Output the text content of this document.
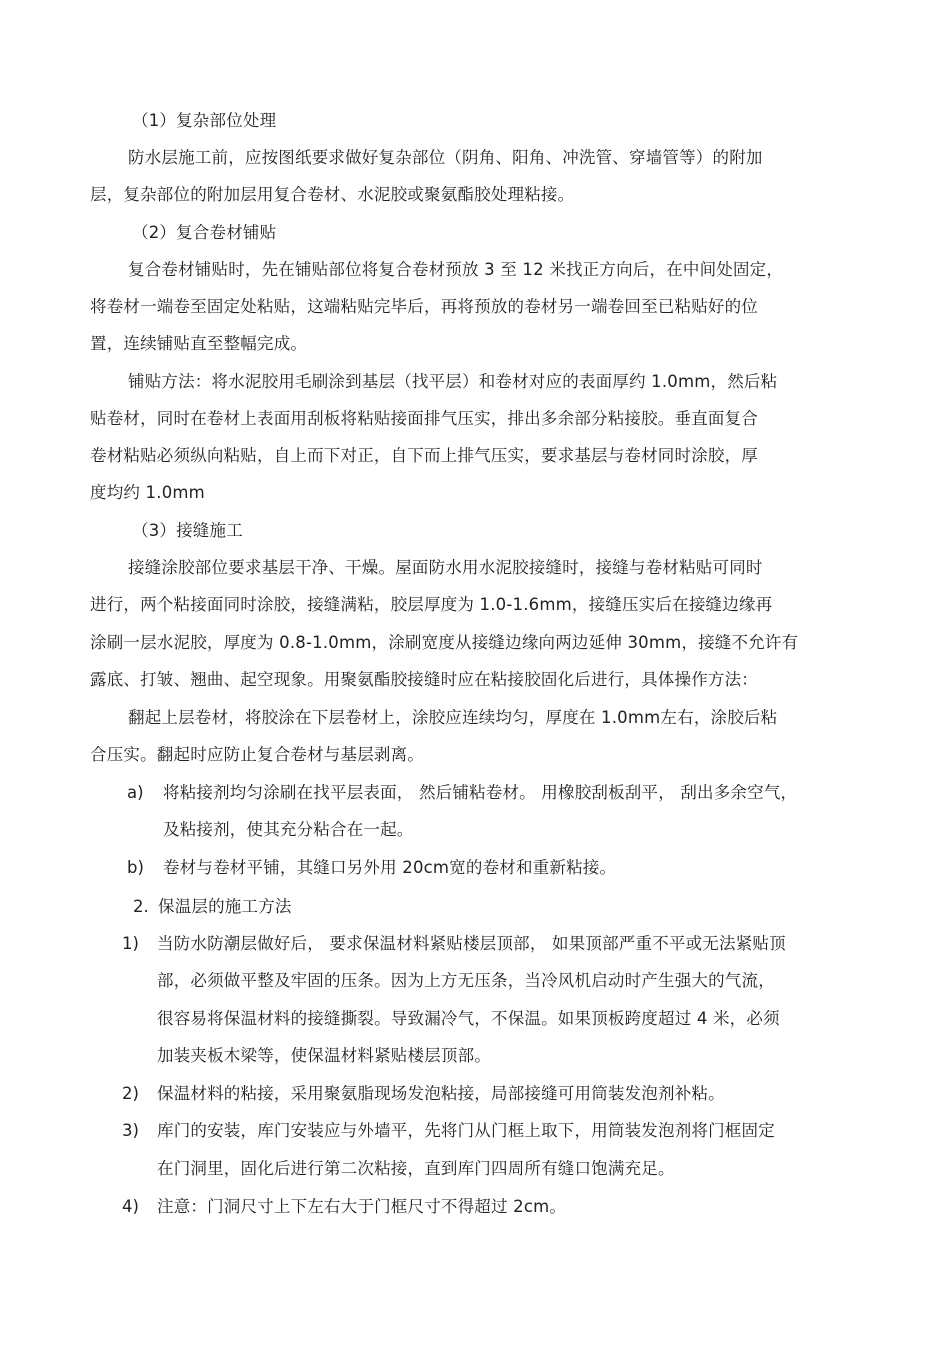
（1）复杂部位处理
防水层施工前，应按图纸要求做好复杂部位（阴角、阳角、冲洗管、穿墙管等）的附加
层，复杂部位的附加层用复合卷材、水泥胶或聚氨酯胶处理粘接。
（2）复合卷材铺贴
复合卷材铺贴时，先在铺贴部位将复合卷材预放 3 至 12 米找正方向后，在中间处固定，
将卷材一端卷至固定处粘贴，这端粘贴完毕后，再将预放的卷材另一端卷回至已粘贴好的位
置，连续铺贴直至整幅完成。
铺贴方法：将水泥胶用毛刷涂到基层（找平层）和卷材对应的表面厚约 1.0mm，然后粘
贴卷材，同时在卷材上表面用刮板将粘贴接面排气压实，排出多余部分粘接胶。垂直面复合
卷材粘贴必须纵向粘贴，自上而下对正，自下而上排气压实，要求基层与卷材同时涂胶，厚
度均约 1.0mm
（3）接缝施工
接缝涂胶部位要求基层干净、干燥。屋面防水用水泥胶接缝时，接缝与卷材粘贴可同时
进行，两个粘接面同时涂胶，接缝满粘，胶层厚度为 1.0-1.6mm，接缝压实后在接缝边缘再
涂刷一层水泥胶，厚度为 0.8-1.0mm，涂刷宽度从接缝边缘向两边延伸 30mm，接缝不允许有
露底、打皱、翘曲、起空现象。用聚氨酯胶接缝时应在粘接胶固化后进行，具体操作方法：
翻起上层卷材，将胶涂在下层卷材上，涂胶应连续均匀，厚度在 1.0mm左右，涂胶后粘
合压实。翻起时应防止复合卷材与基层剥离。
a) 将粘接剂均匀涂刷在找平层表面， 然后铺粘卷材。 用橡胶刮板刮平， 刮出多余空气，
及粘接剂，使其充分粘合在一起。
b) 卷材与卷材平铺，其缝口另外用 20cm宽的卷材和重新粘接。
2. 保温层的施工方法
1) 当防水防潮层做好后， 要求保温材料紧贴楼层顶部， 如果顶部严重不平或无法紧贴顶
部，必须做平整及牢固的压条。因为上方无压条，当冷风机启动时产生强大的气流，
很容易将保温材料的接缝撕裂。导致漏冷气，不保温。如果顶板跨度超过 4 米，必须
加装夹板木梁等，使保温材料紧贴楼层顶部。
2) 保温材料的粘接，采用聚氨脂现场发泡粘接，局部接缝可用筒装发泡剂补粘。
3) 库门的安装，库门安装应与外墙平，先将门从门框上取下，用筒装发泡剂将门框固定
在门洞里，固化后进行第二次粘接，直到库门四周所有缝口饱满充足。
4) 注意：门洞尺寸上下左右大于门框尺寸不得超过 2cm。
